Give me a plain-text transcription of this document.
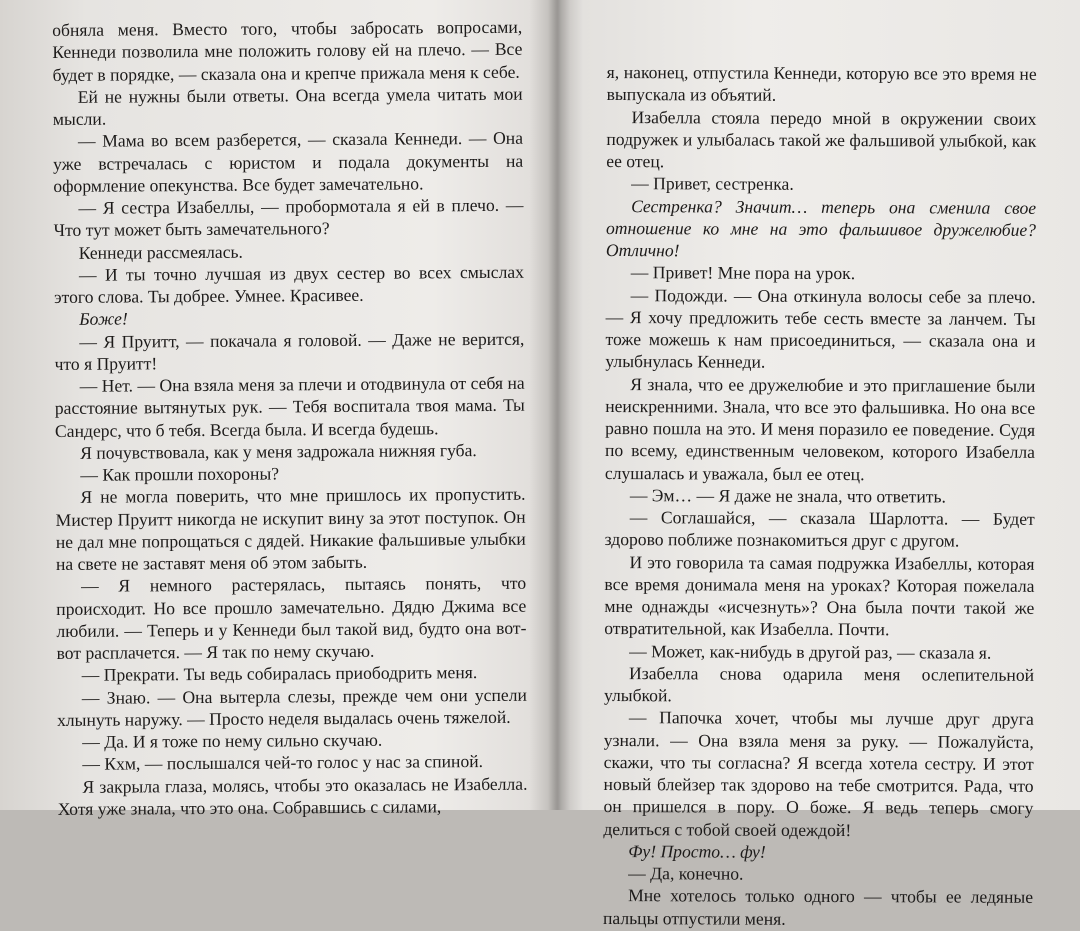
обняла меня. Вместо того, чтобы забросать вопросами, Кеннеди позволила мне положить голову ей на плечо. — Все будет в порядке, — сказала она и крепче прижала меня к себе.

Ей не нужны были ответы. Она всегда умела читать мои мысли.

— Мама во всем разберется, — сказала Кеннеди. — Она уже встречалась с юристом и подала документы на оформление опекунства. Все будет замечательно.

— Я сестра Изабеллы, — пробормотала я ей в плечо. — Что тут может быть замечательного?

Кеннеди рассмеялась.

— И ты точно лучшая из двух сестер во всех смыслах этого слова. Ты добрее. Умнее. Красивее.

Боже!

— Я Пруитт, — покачала я головой. — Даже не верится, что я Пруитт!

— Нет. — Она взяла меня за плечи и отодвинула от себя на расстояние вытянутых рук. — Тебя воспитала твоя мама. Ты Сандерс, что б тебя. Всегда была. И всегда будешь.

Я почувствовала, как у меня задрожала нижняя губа.

— Как прошли похороны?

Я не могла поверить, что мне пришлось их пропустить. Мистер Пруитт никогда не искупит вину за этот поступок. Он не дал мне попрощаться с дядей. Никакие фальшивые улыбки на свете не заставят меня об этом забыть.

— Я немного растерялась, пытаясь понять, что происходит. Но все прошло замечательно. Дядю Джима все любили. — Теперь и у Кеннеди был такой вид, будто она вот-вот расплачется. — Я так по нему скучаю.

— Прекрати. Ты ведь собиралась приободрить меня.

— Знаю. — Она вытерла слезы, прежде чем они успели хлынуть наружу. — Просто неделя выдалась очень тяжелой.

— Да. И я тоже по нему сильно скучаю.

— Кхм, — послышался чей-то голос у нас за спиной.

Я закрыла глаза, молясь, чтобы это оказалась не Изабелла. Хотя уже знала, что это она. Собравшись с силами,

я, наконец, отпустила Кеннеди, которую все это время не выпускала из объятий.

Изабелла стояла передо мной в окружении своих подружек и улыбалась такой же фальшивой улыбкой, как ее отец.

— Привет, сестренка.

Сестренка? Значит… теперь она сменила свое отношение ко мне на это фальшивое дружелюбие? Отлично!

— Привет! Мне пора на урок.

— Подожди. — Она откинула волосы себе за плечо. — Я хочу предложить тебе сесть вместе за ланчем. Ты тоже можешь к нам присоединиться, — сказала она и улыбнулась Кеннеди.

Я знала, что ее дружелюбие и это приглашение были неискренними. Знала, что все это фальшивка. Но она все равно пошла на это. И меня поразило ее поведение. Судя по всему, единственным человеком, которого Изабелла слушалась и уважала, был ее отец.

— Эм… — Я даже не знала, что ответить.

— Соглашайся, — сказала Шарлотта. — Будет здорово поближе познакомиться друг с другом.

И это говорила та самая подружка Изабеллы, которая все время донимала меня на уроках? Которая пожелала мне однажды «исчезнуть»? Она была почти такой же отвратительной, как Изабелла. Почти.

— Может, как-нибудь в другой раз, — сказала я.

Изабелла снова одарила меня ослепительной улыбкой.

— Папочка хочет, чтобы мы лучше друг друга узнали. — Она взяла меня за руку. — Пожалуйста, скажи, что ты согласна? Я всегда хотела сестру. И этот новый блейзер так здорово на тебе смотрится. Рада, что он пришелся в пору. О боже. Я ведь теперь смогу делиться с тобой своей одеждой!

Фу! Просто… фу!

— Да, конечно.

Мне хотелось только одного — чтобы ее ледяные пальцы отпустили меня.
